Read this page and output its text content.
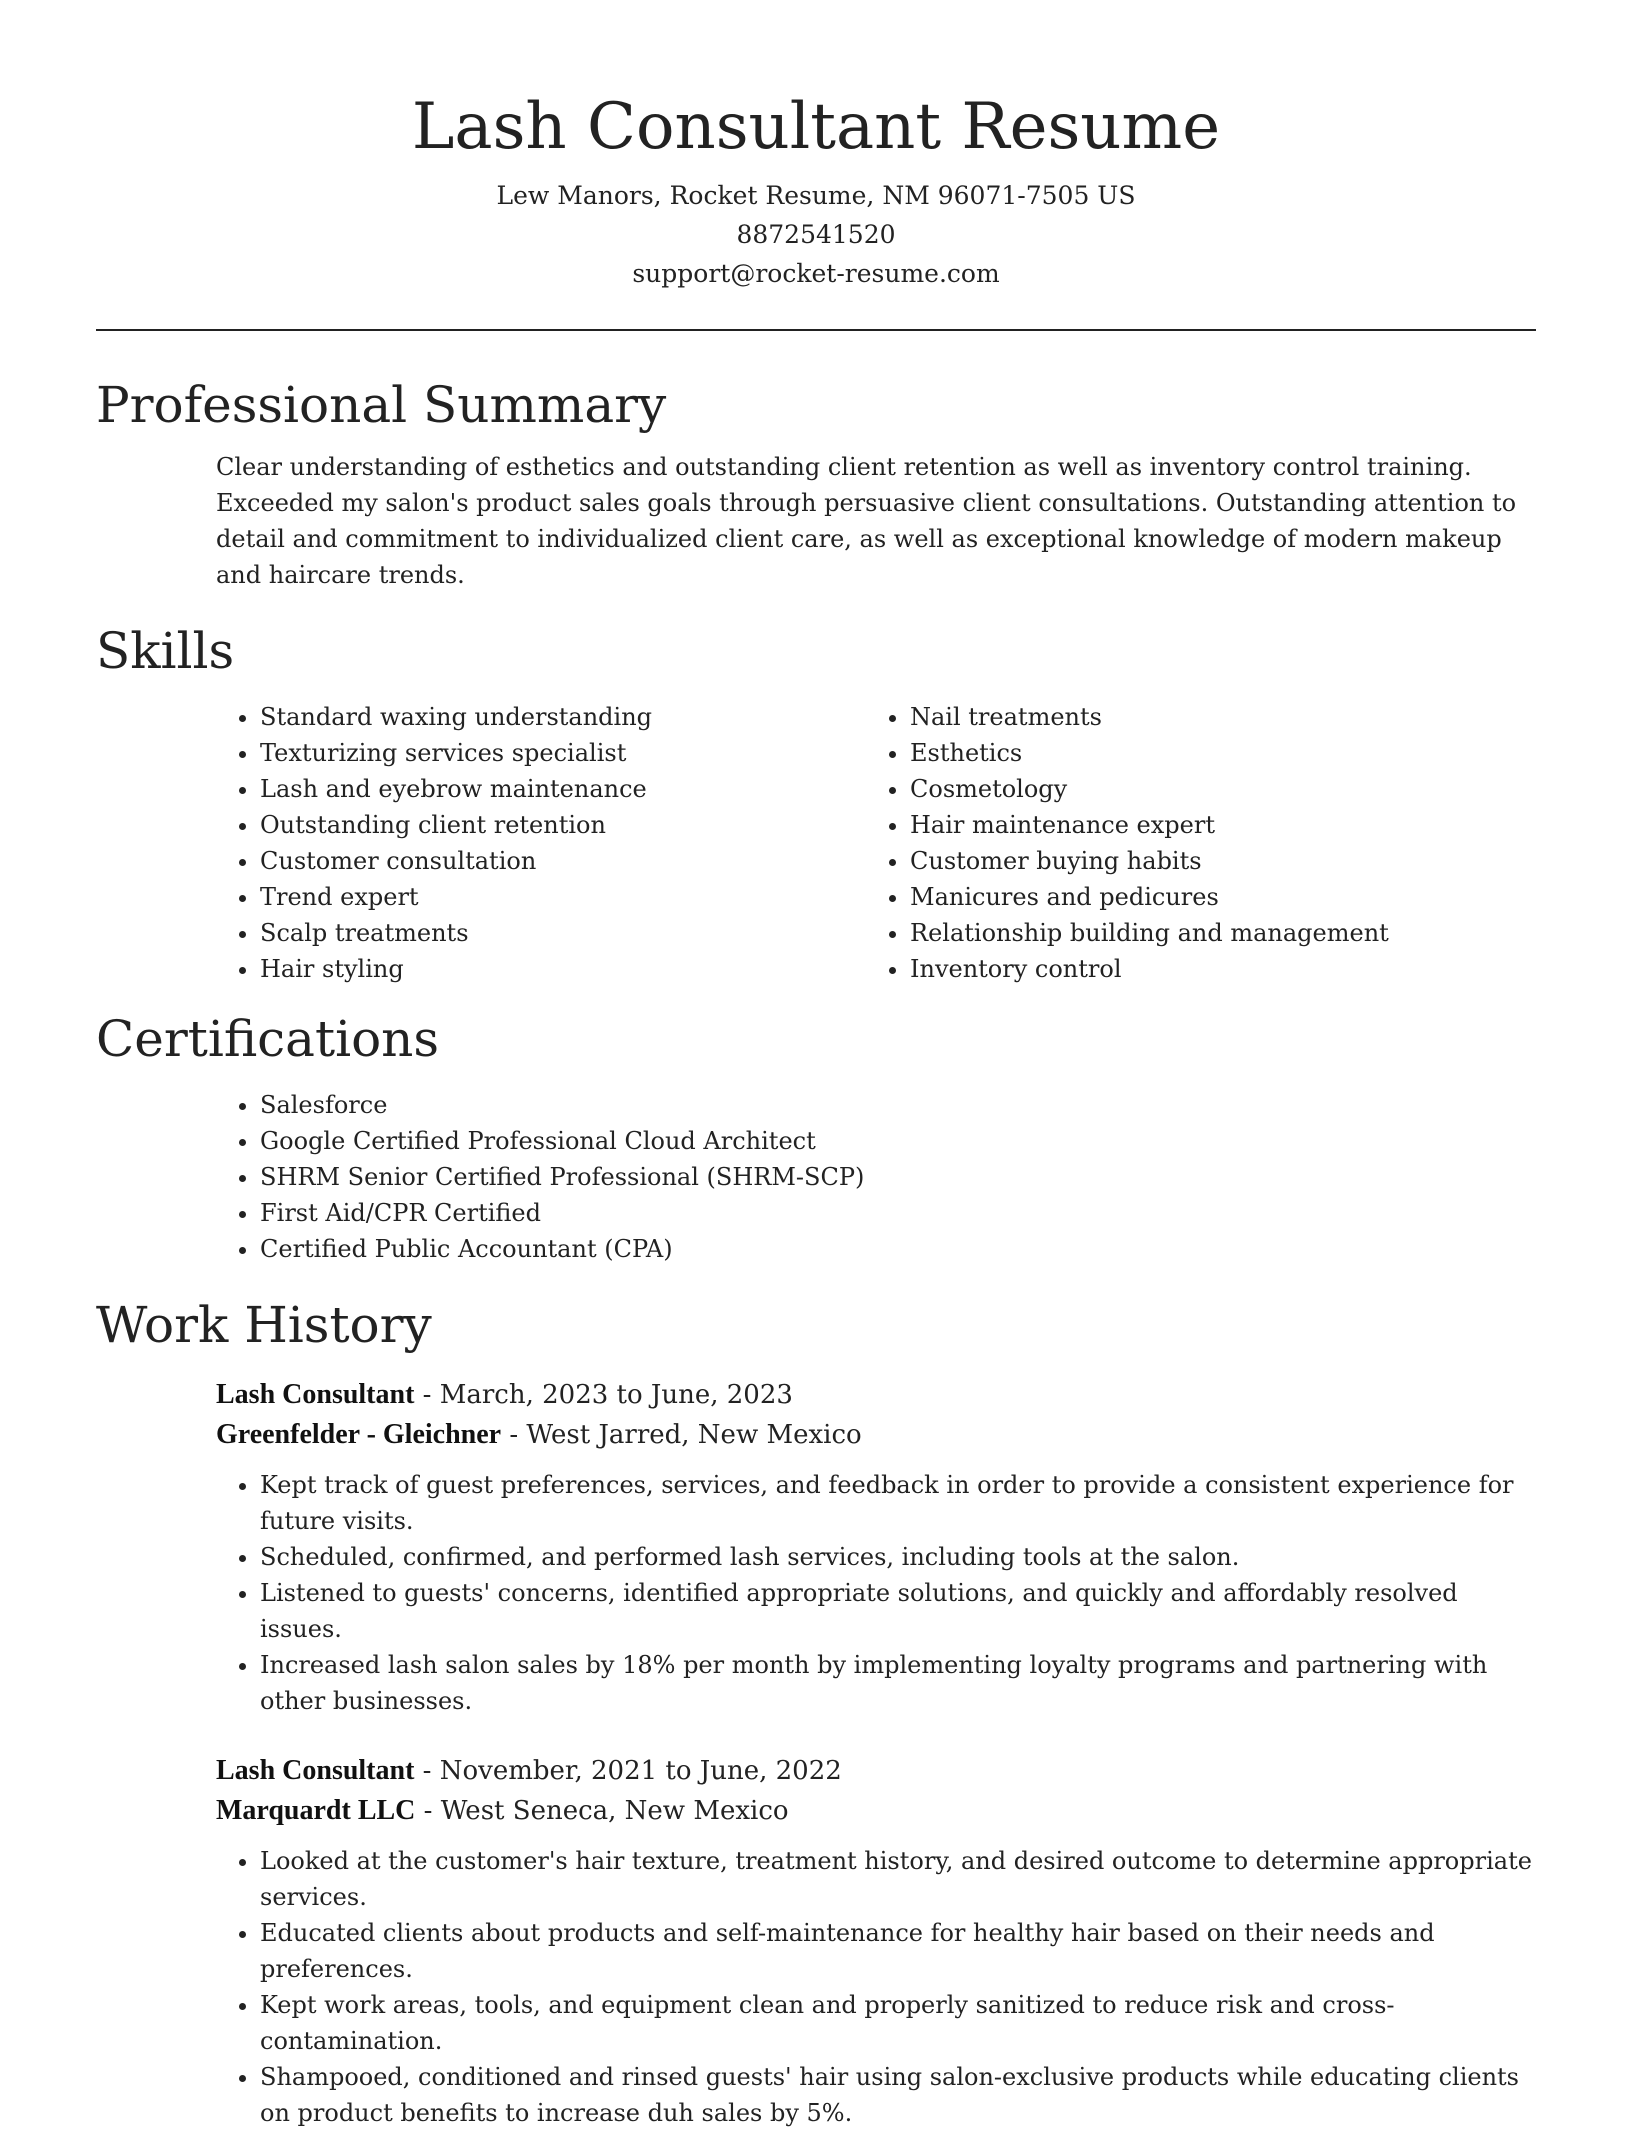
Lash Consultant Resume
Lew Manors, Rocket Resume, NM 96071-7505 US
8872541520
support@rocket-resume.com
Professional Summary

Clear understanding of esthetics and outstanding client retention as well as inventory control training. Exceeded my salon's product sales goals through persuasive client consultations. Outstanding attention to detail and commitment to individualized client care, as well as exceptional knowledge of modern makeup and haircare trends.

Skills
• Standard waxing understanding
• Texturizing services specialist
• Lash and eyebrow maintenance
• Outstanding client retention
• Customer consultation
• Trend expert
• Scalp treatments
• Hair styling
• Nail treatments
• Esthetics
• Cosmetology
• Hair maintenance expert
• Customer buying habits
• Manicures and pedicures
• Relationship building and management
• Inventory control
Certifications
• Salesforce
• Google Certified Professional Cloud Architect
• SHRM Senior Certified Professional (SHRM-SCP)
• First Aid/CPR Certified
• Certified Public Accountant (CPA)
Work History
Lash Consultant - March, 2023 to June, 2023
Greenfelder - Gleichner - West Jarred, New Mexico
• Kept track of guest preferences, services, and feedback in order to provide a consistent experience for future visits.
• Scheduled, confirmed, and performed lash services, including tools at the salon.
• Listened to guests' concerns, identified appropriate solutions, and quickly and affordably resolved issues.
• Increased lash salon sales by 18% per month by implementing loyalty programs and partnering with other businesses.
Lash Consultant - November, 2021 to June, 2022
Marquardt LLC - West Seneca, New Mexico
• Looked at the customer's hair texture, treatment history, and desired outcome to determine appropriate services.
• Educated clients about products and self-maintenance for healthy hair based on their needs and preferences.
• Kept work areas, tools, and equipment clean and properly sanitized to reduce risk and cross-contamination.
• Shampooed, conditioned and rinsed guests' hair using salon-exclusive products while educating clients on product benefits to increase duh sales by 5%.
